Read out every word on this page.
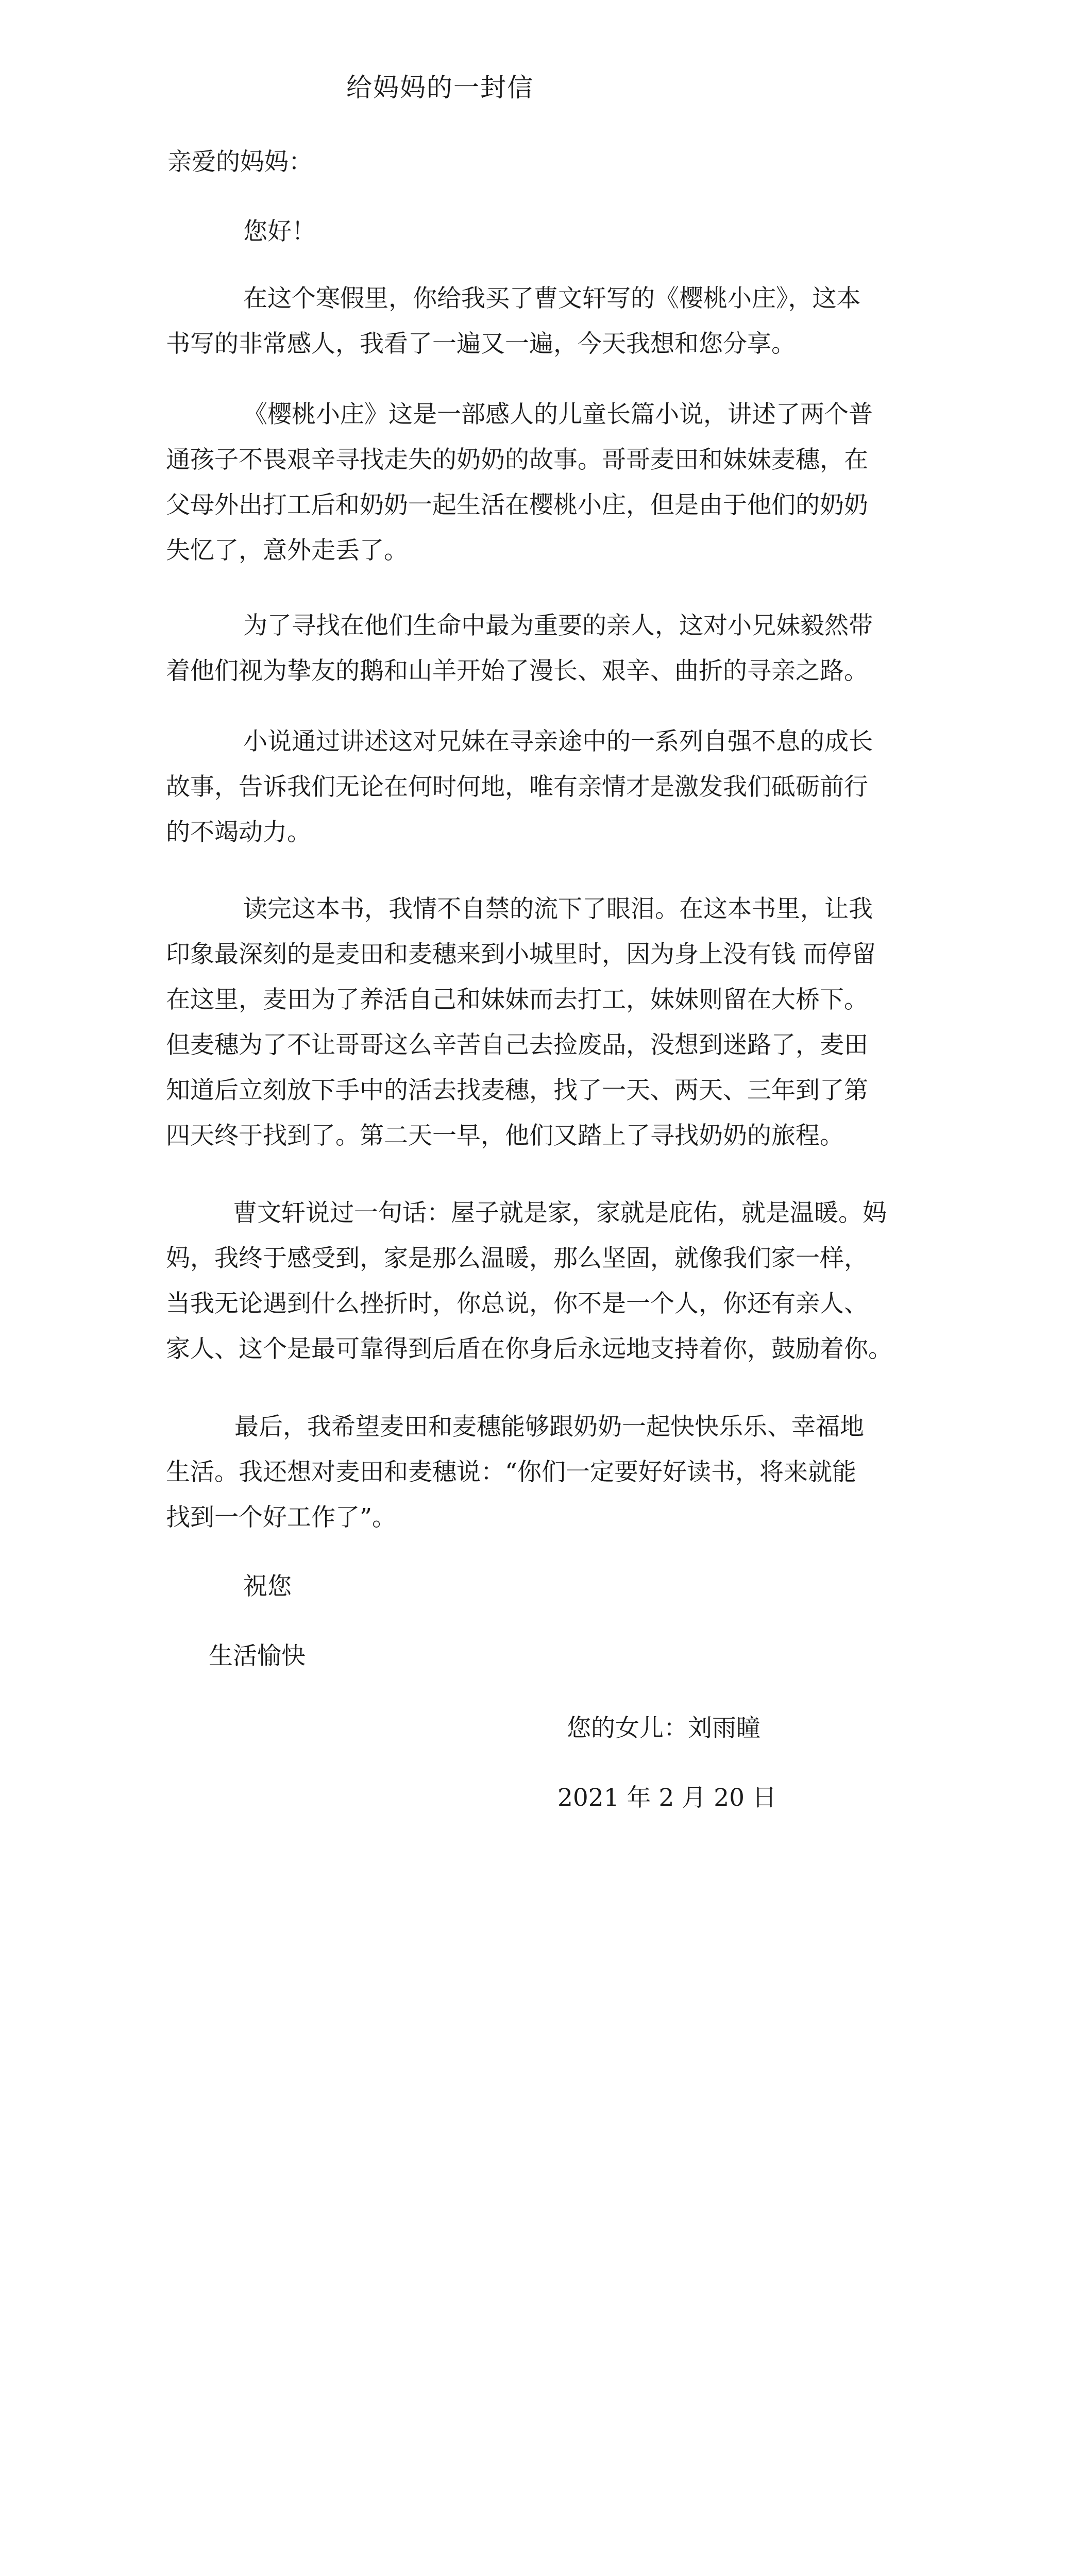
给妈妈的一封信
亲爱的妈妈：
您好！
在这个寒假里，你给我买了曹文轩写的《樱桃小庄》，这本
书写的非常感人，我看了一遍又一遍，今天我想和您分享。
《樱桃小庄》这是一部感人的儿童长篇小说，讲述了两个普
通孩子不畏艰辛寻找走失的奶奶的故事。哥哥麦田和妹妹麦穗，在
父母外出打工后和奶奶一起生活在樱桃小庄，但是由于他们的奶奶
失忆了，意外走丢了。
为了寻找在他们生命中最为重要的亲人，这对小兄妹毅然带
着他们视为挚友的鹅和山羊开始了漫长、艰辛、曲折的寻亲之路。
小说通过讲述这对兄妹在寻亲途中的一系列自强不息的成长
故事，告诉我们无论在何时何地，唯有亲情才是激发我们砥砺前行
的不竭动力。
读完这本书，我情不自禁的流下了眼泪。在这本书里，让我
印象最深刻的是麦田和麦穗来到小城里时，因为身上没有钱 而停留
在这里，麦田为了养活自己和妹妹而去打工，妹妹则留在大桥下。
但麦穗为了不让哥哥这么辛苦自己去捡废品，没想到迷路了，麦田
知道后立刻放下手中的活去找麦穗，找了一天、两天、三年到了第
四天终于找到了。第二天一早，他们又踏上了寻找奶奶的旅程。
曹文轩说过一句话：屋子就是家，家就是庇佑，就是温暖。妈
妈，我终于感受到，家是那么温暖，那么坚固，就像我们家一样，
当我无论遇到什么挫折时，你总说，你不是一个人，你还有亲人、
家人、这个是最可靠得到后盾在你身后永远地支持着你，鼓励着你。
最后，我希望麦田和麦穗能够跟奶奶一起快快乐乐、幸福地
生活。我还想对麦田和麦穗说：“你们一定要好好读书，将来就能
找到一个好工作了”。
祝您
生活愉快
您的女儿：刘雨瞳
2021 年 2 月 20 日
